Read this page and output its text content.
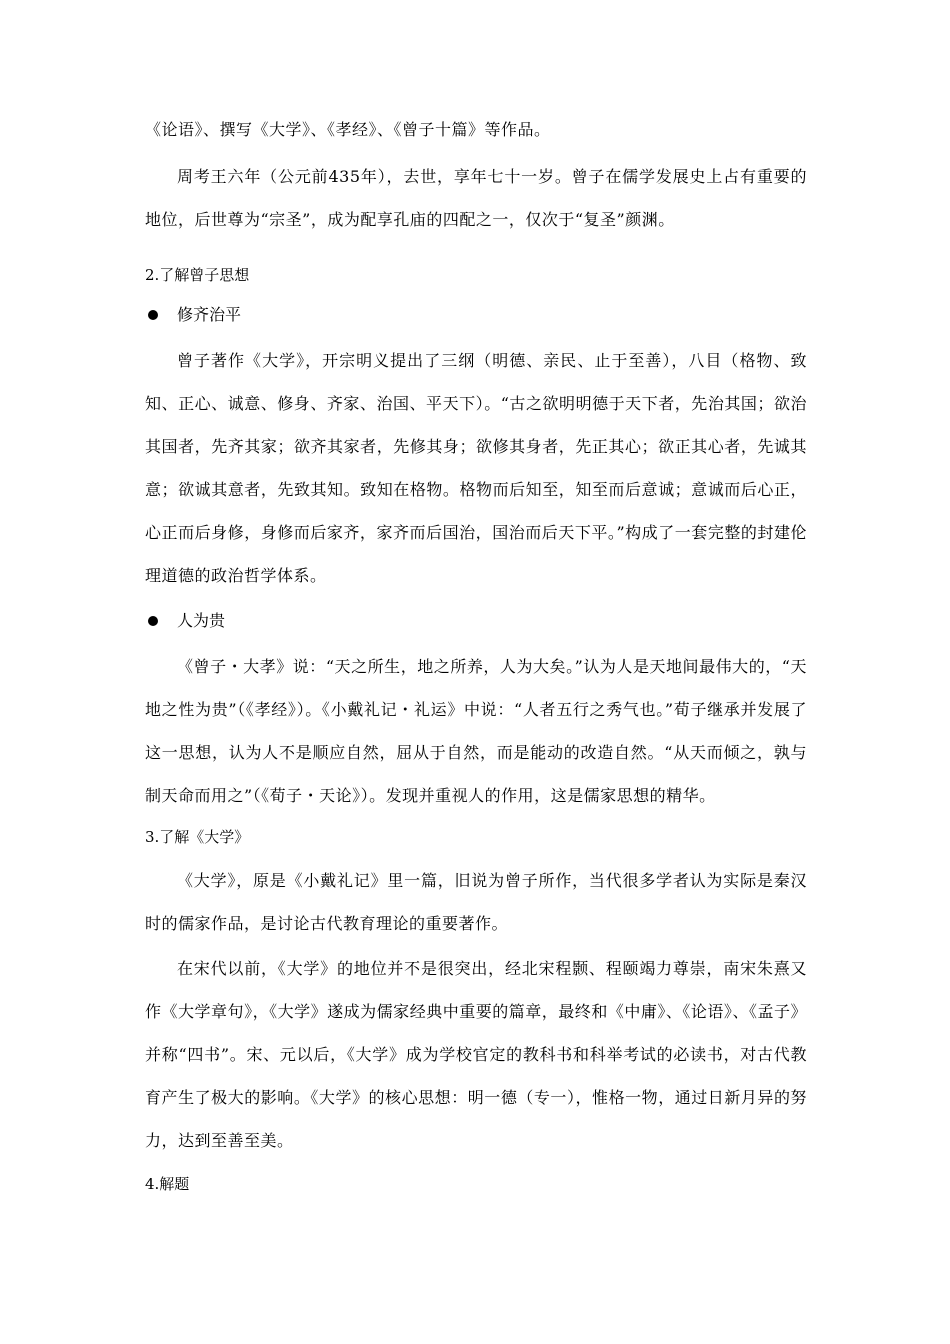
《论语》、撰写《大学》、《孝经》、《曾子十篇》等作品。

周考王六年（公元前435年），去世，享年七十一岁。曾子在儒学发展史上占有重要的地位，后世尊为“宗圣”，成为配享孔庙的四配之一，仅次于“复圣”颜渊。

2.了解曾子思想

修齐治平

曾子著作《大学》，开宗明义提出了三纲（明德、亲民、止于至善），八目（格物、致知、正心、诚意、修身、齐家、治国、平天下）。“古之欲明明德于天下者，先治其国；欲治其国者，先齐其家；欲齐其家者，先修其身；欲修其身者，先正其心；欲正其心者，先诚其意；欲诚其意者，先致其知。致知在格物。格物而后知至，知至而后意诚；意诚而后心正，心正而后身修，身修而后家齐，家齐而后国治，国治而后天下平。”构成了一套完整的封建伦理道德的政治哲学体系。

人为贵

《曾子・大孝》说：“天之所生，地之所养，人为大矣。”认为人是天地间最伟大的，“天地之性为贵”（《孝经》）。《小戴礼记・礼运》中说：“人者五行之秀气也。”荀子继承并发展了这一思想，认为人不是顺应自然，屈从于自然，而是能动的改造自然。“从天而倾之，孰与制天命而用之”（《荀子・天论》）。发现并重视人的作用，这是儒家思想的精华。

3.了解《大学》

《大学》，原是《小戴礼记》里一篇，旧说为曾子所作，当代很多学者认为实际是秦汉时的儒家作品，是讨论古代教育理论的重要著作。

在宋代以前，《大学》的地位并不是很突出，经北宋程颢、程颐竭力尊崇，南宋朱熹又作《大学章句》，《大学》遂成为儒家经典中重要的篇章，最终和《中庸》、《论语》、《孟子》并称“四书”。宋、元以后，《大学》成为学校官定的教科书和科举考试的必读书，对古代教育产生了极大的影响。《大学》的核心思想：明一德（专一），惟格一物，通过日新月异的努力，达到至善至美。

4.解题
